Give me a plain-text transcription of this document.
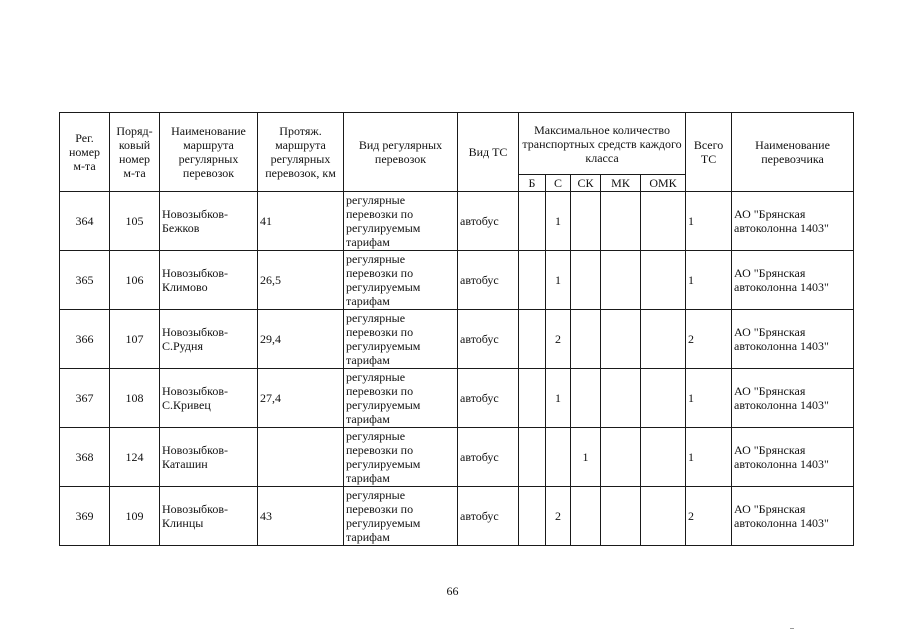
Рег. номер м-та	Поряд-ковый номер м-та	Наименование маршрута регулярных перевозок	Протяж. маршрута регулярных перевозок, км	Вид регулярных перевозок	Вид ТС	Максимальное количество транспортных средств каждого класса					Всего ТС	Наименование перевозчика
						Б	С	СК	МК	ОМК		
364	105	Новозыбков-Бежков	41	регулярные перевозки по регулируемым тарифам	автобус		1				1	АО "Брянская автоколонна 1403"
365	106	Новозыбков-Климово	26,5	регулярные перевозки по регулируемым тарифам	автобус		1				1	АО "Брянская автоколонна 1403"
366	107	Новозыбков-С.Рудня	29,4	регулярные перевозки по регулируемым тарифам	автобус		2				2	АО "Брянская автоколонна 1403"
367	108	Новозыбков-С.Кривец	27,4	регулярные перевозки по регулируемым тарифам	автобус		1				1	АО "Брянская автоколонна 1403"
368	124	Новозыбков-Каташин		регулярные перевозки по регулируемым тарифам	автобус			1			1	АО "Брянская автоколонна 1403"
369	109	Новозыбков-Клинцы	43	регулярные перевозки по регулируемым тарифам	автобус		2				2	АО "Брянская автоколонна 1403"
66
